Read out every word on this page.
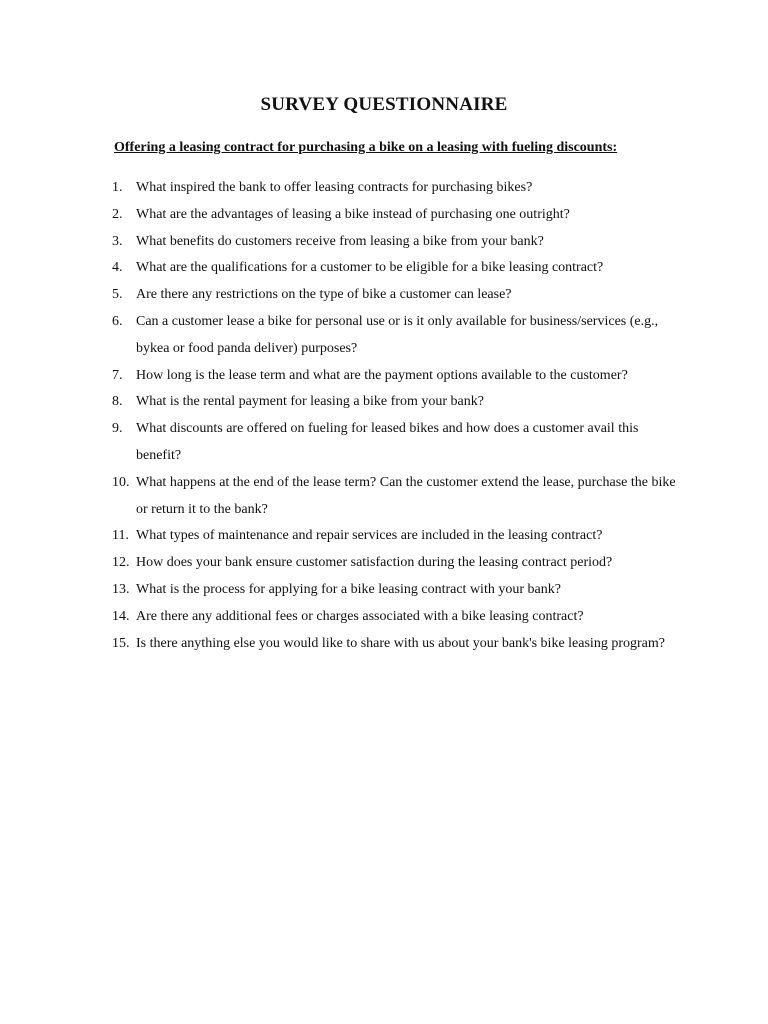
SURVEY QUESTIONNAIRE

Offering a leasing contract for purchasing a bike on a leasing with fueling discounts:

1. What inspired the bank to offer leasing contracts for purchasing bikes?
2. What are the advantages of leasing a bike instead of purchasing one outright?
3. What benefits do customers receive from leasing a bike from your bank?
4. What are the qualifications for a customer to be eligible for a bike leasing contract?
5. Are there any restrictions on the type of bike a customer can lease?
6. Can a customer lease a bike for personal use or is it only available for business/services (e.g., bykea or food panda deliver) purposes?
7. How long is the lease term and what are the payment options available to the customer?
8. What is the rental payment for leasing a bike from your bank?
9. What discounts are offered on fueling for leased bikes and how does a customer avail this benefit?
10. What happens at the end of the lease term? Can the customer extend the lease, purchase the bike or return it to the bank?
11. What types of maintenance and repair services are included in the leasing contract?
12. How does your bank ensure customer satisfaction during the leasing contract period?
13. What is the process for applying for a bike leasing contract with your bank?
14. Are there any additional fees or charges associated with a bike leasing contract?
15. Is there anything else you would like to share with us about your bank's bike leasing program?
